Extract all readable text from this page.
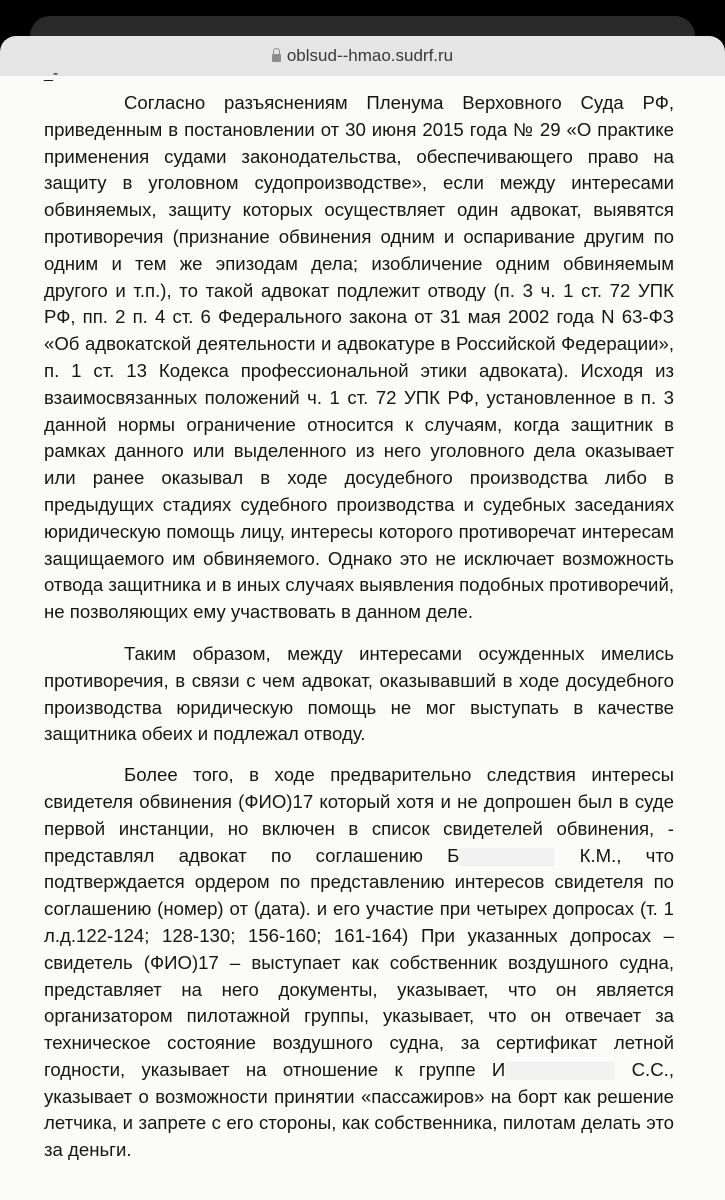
oblsud--hmao.sudrf.ru
_-

Согласно разъяснениям Пленума Верховного Суда РФ, приведенным в постановлении от 30 июня 2015 года № 29 «О практике применения судами законодательства, обеспечивающего право на защиту в уголовном судопроизводстве», если между интересами обвиняемых, защиту которых осуществляет один адвокат, выявятся противоречия (признание обвинения одним и оспаривание другим по одним и тем же эпизодам дела; изобличение одним обвиняемым другого и т.п.), то такой адвокат подлежит отводу (п. 3 ч. 1 ст. 72 УПК РФ, пп. 2 п. 4 ст. 6 Федерального закона от 31 мая 2002 года N 63-ФЗ «Об адвокатской деятельности и адвокатуре в Российской Федерации», п. 1 ст. 13 Кодекса профессиональной этики адвоката). Исходя из взаимосвязанных положений ч. 1 ст. 72 УПК РФ, установленное в п. 3 данной нормы ограничение относится к случаям, когда защитник в рамках данного или выделенного из него уголовного дела оказывает или ранее оказывал в ходе досудебного производства либо в предыдущих стадиях судебного производства и судебных заседаниях юридическую помощь лицу, интересы которого противоречат интересам защищаемого им обвиняемого. Однако это не исключает возможность отвода защитника и в иных случаях выявления подобных противоречий, не позволяющих ему участвовать в данном деле.

Таким образом, между интересами осужденных имелись противоречия, в связи с чем адвокат, оказывавший в ходе досудебного производства юридическую помощь не мог выступать в качестве защитника обеих и подлежал отводу.

Более того, в ходе предварительно следствия интересы свидетеля обвинения (ФИО)17 который хотя и не допрошен был в суде первой инстанции, но включен в список свидетелей обвинения, - представлял адвокат по соглашению Б	К.М., что подтверждается ордером по представлению интересов свидетеля по соглашению (номер) от (дата). и его участие при четырех допросах (т. 1 л.д.122-124; 128-130; 156-160; 161-164) При указанных допросах – свидетель (ФИО)17 – выступает как собственник воздушного судна, представляет на него документы, указывает, что он является организатором пилотажной группы, указывает, что он отвечает за техническое состояние воздушного судна, за сертификат летной годности, указывает на отношение к группе И	С.С., указывает о возможности принятии «пассажиров» на борт как решение летчика, и запрете с его стороны, как собственника, пилотам делать это за деньги.
